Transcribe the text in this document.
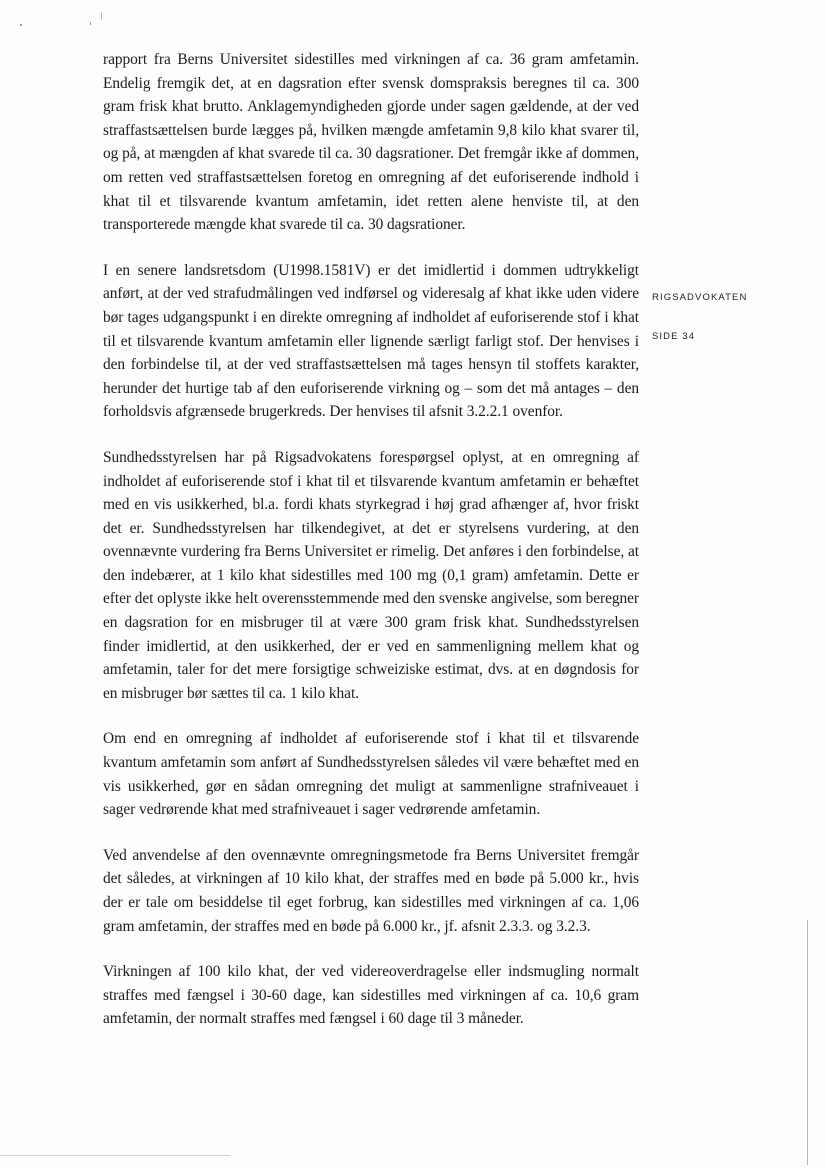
RIGSADVOKATEN
SIDE 34

rapport fra Berns Universitet sidestilles med virkningen af ca. 36 gram amfetamin. Endelig fremgik det, at en dagsration efter svensk domspraksis beregnes til ca. 300 gram frisk khat brutto. Anklagemyndigheden gjorde under sagen gældende, at der ved straffastsættelsen burde lægges på, hvilken mængde amfetamin 9,8 kilo khat svarer til, og på, at mængden af khat svarede til ca. 30 dagsrationer. Det fremgår ikke af dommen, om retten ved straffastsættelsen foretog en omregning af det euforiserende indhold i khat til et tilsvarende kvantum amfetamin, idet retten alene henviste til, at den transporterede mængde khat svarede til ca. 30 dagsrationer.

I en senere landsretsdom (U1998.1581V) er det imidlertid i dommen udtrykkeligt anført, at der ved strafudmålingen ved indførsel og videresalg af khat ikke uden videre bør tages udgangspunkt i en direkte omregning af indholdet af euforiserende stof i khat til et tilsvarende kvantum amfetamin eller lignende særligt farligt stof. Der henvises i den forbindelse til, at der ved straffastsættelsen må tages hensyn til stoffets karakter, herunder det hurtige tab af den euforiserende virkning og – som det må antages – den forholdsvis afgrænsede brugerkreds. Der henvises til afsnit 3.2.2.1 ovenfor.

Sundhedsstyrelsen har på Rigsadvokatens forespørgsel oplyst, at en omregning af indholdet af euforiserende stof i khat til et tilsvarende kvantum amfetamin er behæftet med en vis usikkerhed, bl.a. fordi khats styrkegrad i høj grad afhænger af, hvor friskt det er. Sundhedsstyrelsen har tilkendegivet, at det er styrelsens vurdering, at den ovennævnte vurdering fra Berns Universitet er rimelig. Det anføres i den forbindelse, at den indebærer, at 1 kilo khat sidestilles med 100 mg (0,1 gram) amfetamin. Dette er efter det oplyste ikke helt overensstemmende med den svenske angivelse, som beregner en dagsration for en misbruger til at være 300 gram frisk khat. Sundhedsstyrelsen finder imidlertid, at den usikkerhed, der er ved en sammenligning mellem khat og amfetamin, taler for det mere forsigtige schweiziske estimat, dvs. at en døgndosis for en misbruger bør sættes til ca. 1 kilo khat.

Om end en omregning af indholdet af euforiserende stof i khat til et tilsvarende kvantum amfetamin som anført af Sundhedsstyrelsen således vil være behæftet med en vis usikkerhed, gør en sådan omregning det muligt at sammenligne strafniveauet i sager vedrørende khat med strafniveauet i sager vedrørende amfetamin.

Ved anvendelse af den ovennævnte omregningsmetode fra Berns Universitet fremgår det således, at virkningen af 10 kilo khat, der straffes med en bøde på 5.000 kr., hvis der er tale om besiddelse til eget forbrug, kan sidestilles med virkningen af ca. 1,06 gram amfetamin, der straffes med en bøde på 6.000 kr., jf. afsnit 2.3.3. og 3.2.3.

Virkningen af 100 kilo khat, der ved videreoverdragelse eller indsmugling normalt straffes med fængsel i 30-60 dage, kan sidestilles med virkningen af ca. 10,6 gram amfetamin, der normalt straffes med fængsel i 60 dage til 3 måneder.
